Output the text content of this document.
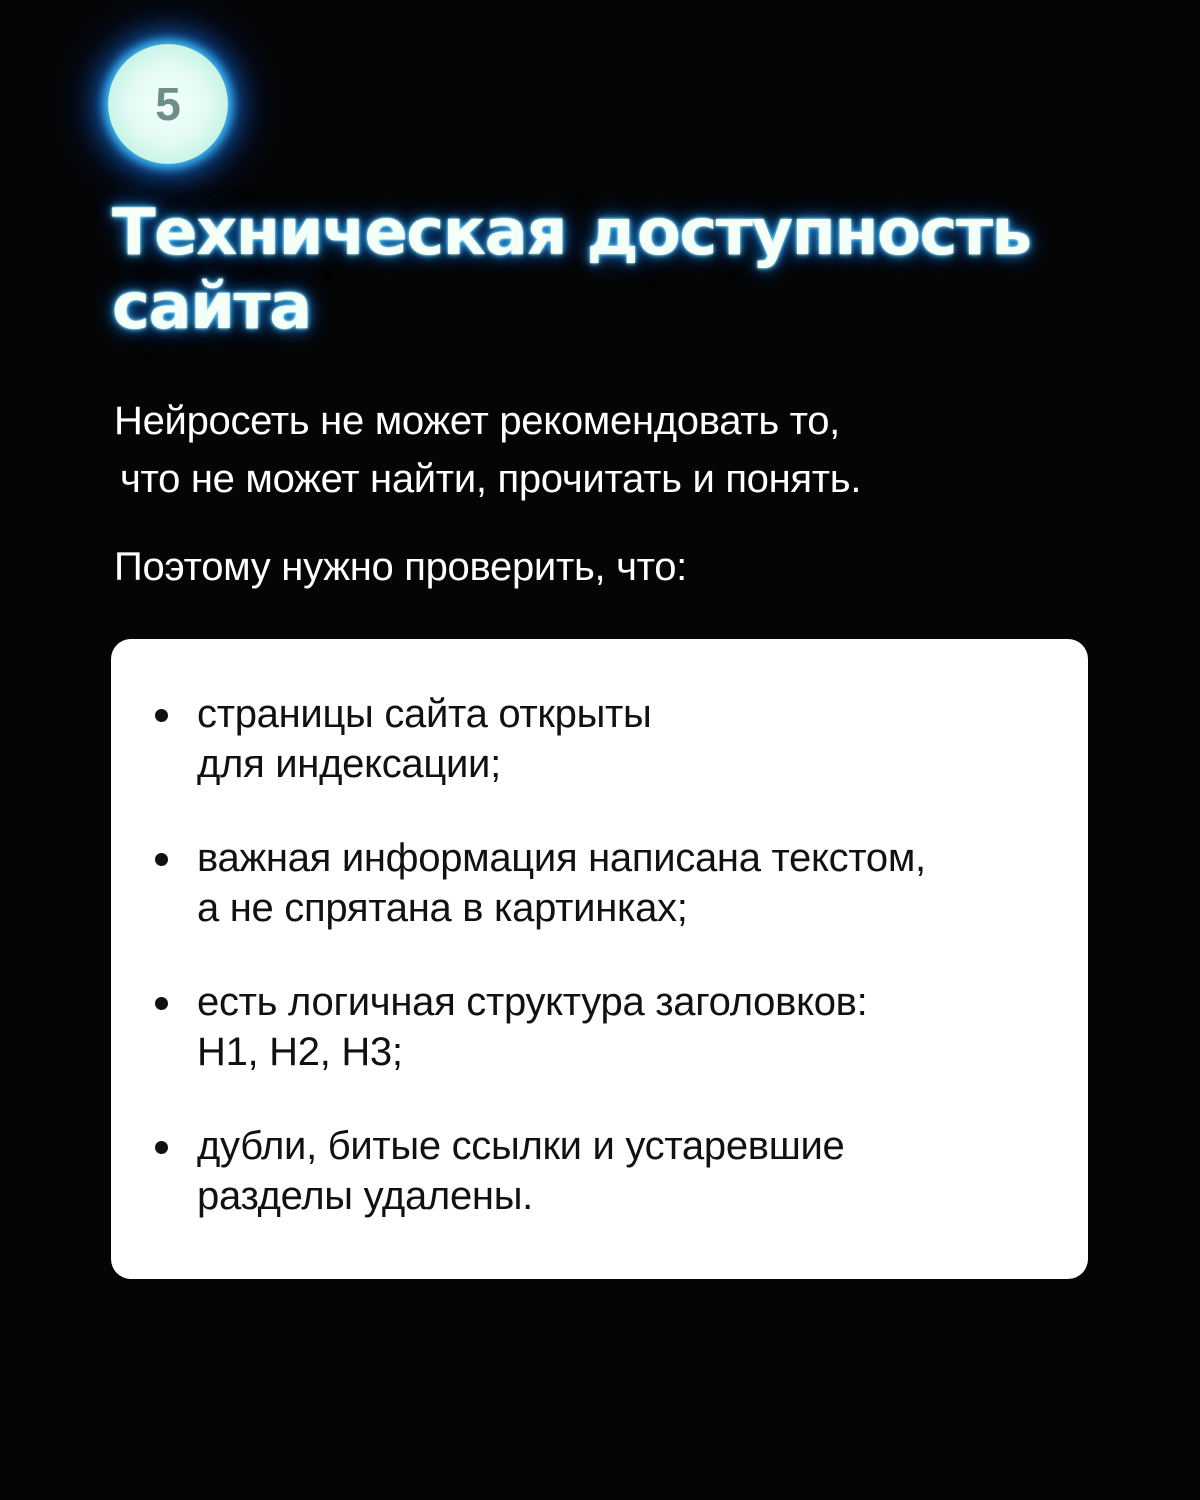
5
Техническая доступность
сайта

Нейросеть не может рекомендовать то,
что не может найти, прочитать и понять.

Поэтому нужно проверить, что:

страницы сайта открыты
для индексации;
важная информация написана текстом,
а не спрятана в картинках;
есть логичная структура заголовков:
H1, H2, H3;
дубли, битые ссылки и устаревшие
разделы удалены.
